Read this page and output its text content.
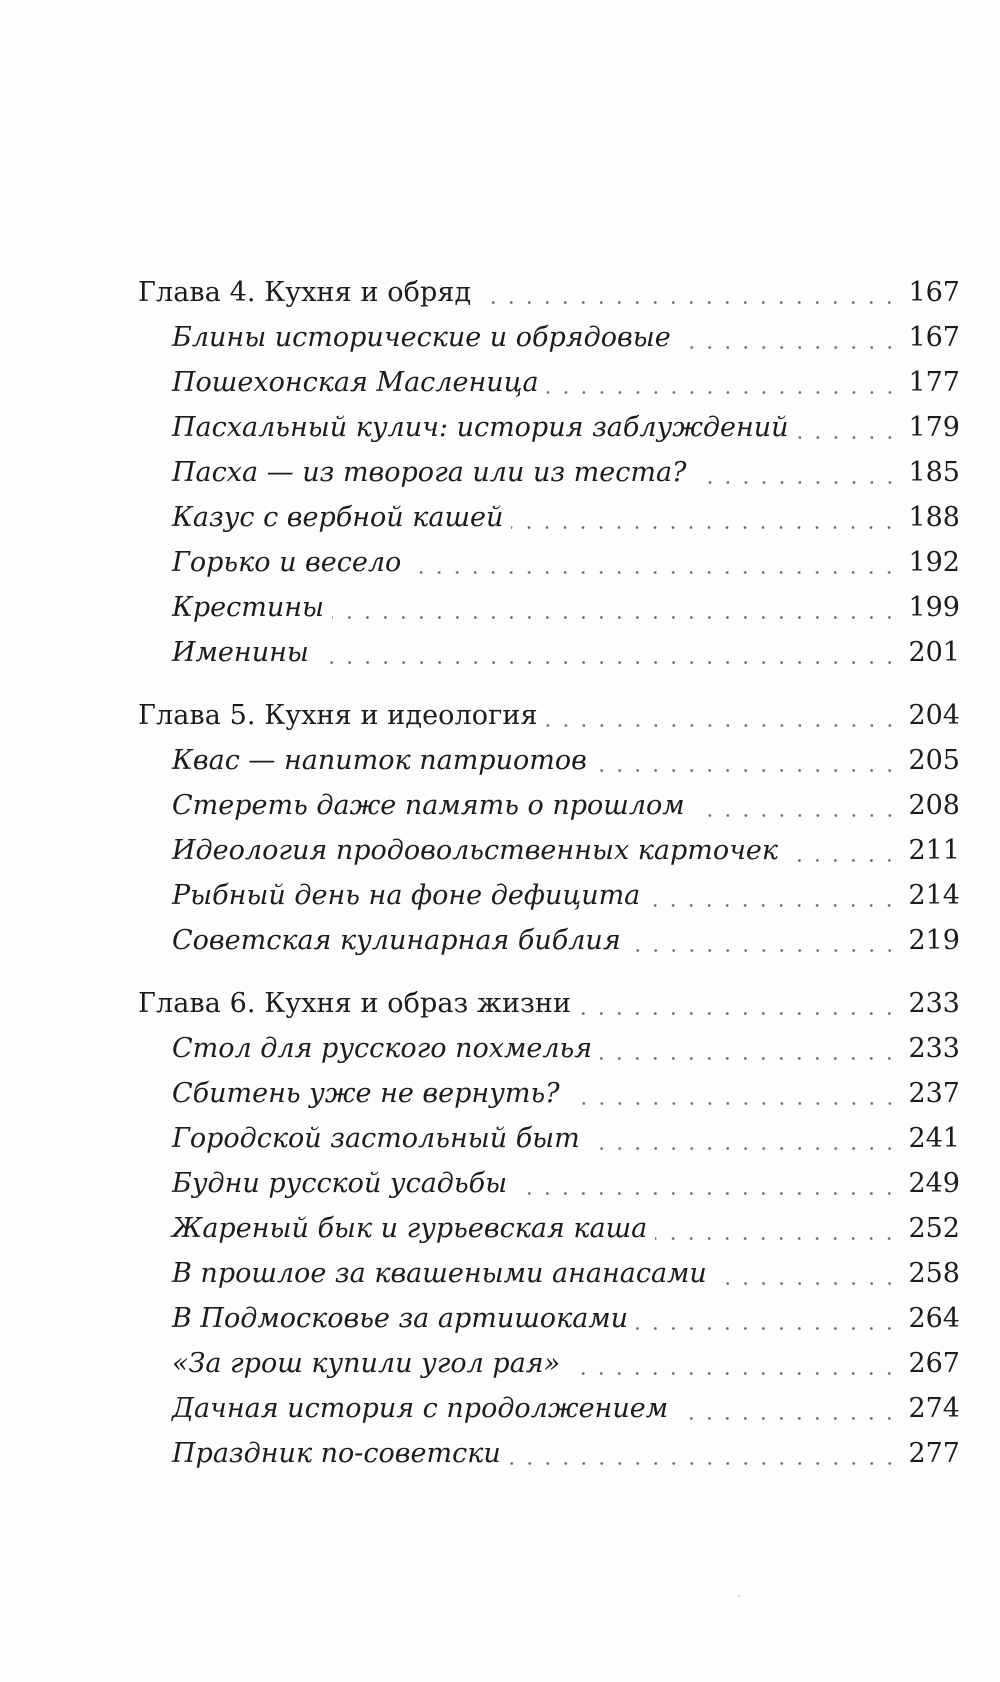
Глава 4. Кухня и обряд	167
Блины исторические и обрядовые	167
Пошехонская Масленица	177
Пасхальный кулич: история заблуждений	179
Пасха — из творога или из теста?	185
Казус с вербной кашей	188
Горько и весело	192
Крестины	199
Именины	201
Глава 5. Кухня и идеология	204
Квас — напиток патриотов	205
Стереть даже память о прошлом	208
Идеология продовольственных карточек	211
Рыбный день на фоне дефицита	214
Советская кулинарная библия	219
Глава 6. Кухня и образ жизни	233
Стол для русского похмелья	233
Сбитень уже не вернуть?	237
Городской застольный быт	241
Будни русской усадьбы	249
Жареный бык и гурьевская каша	252
В прошлое за квашеными ананасами	258
В Подмосковье за артишоками	264
«За грош купили угол рая»	267
Дачная история с продолжением	274
Праздник по-советски	277
